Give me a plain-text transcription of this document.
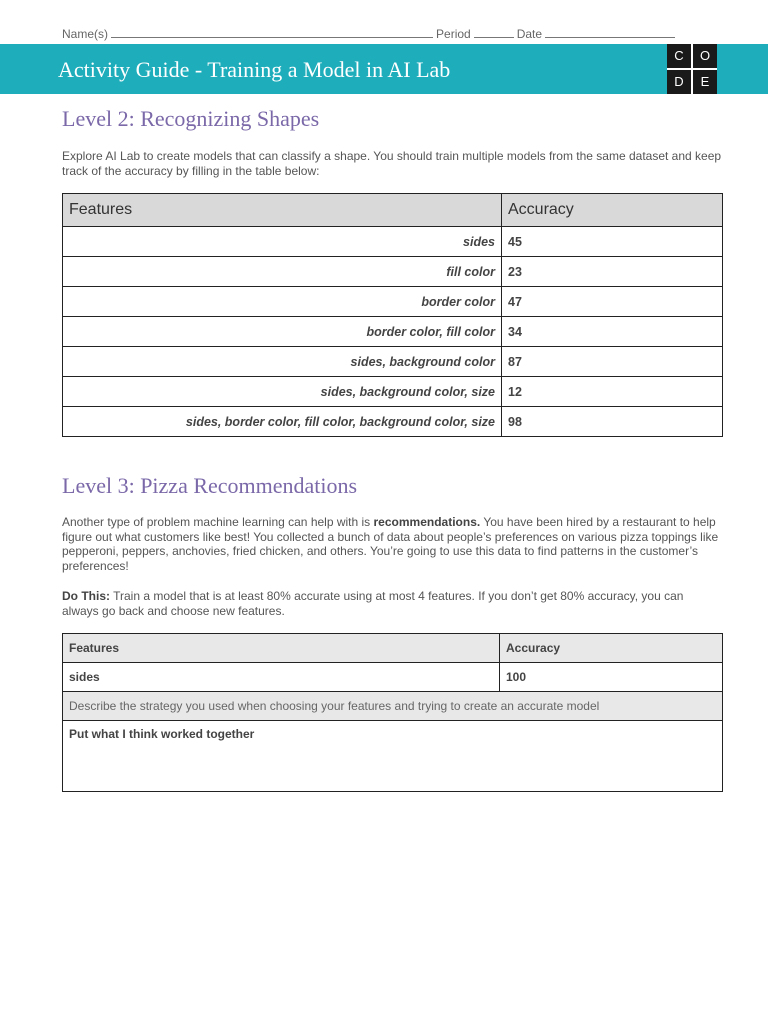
Name(s)	Period	Date
Activity Guide - Training a Model in AI Lab
C	O
D	E
Level 2: Recognizing Shapes
Explore AI Lab to create models that can classify a shape. You should train multiple models from the same dataset and keep track of the accuracy by filling in the table below:
Features	Accuracy
sides	45
fill color	23
border color	47
border color, fill color	34
sides, background color	87
sides, background color, size	12
sides, border color, fill color, background color, size	98
Level 3: Pizza Recommendations
Another type of problem machine learning can help with is recommendations. You have been hired by a restaurant to help figure out what customers like best! You collected a bunch of data about people’s preferences on various pizza toppings like pepperoni, peppers, anchovies, fried chicken, and others. You’re going to use this data to find patterns in the customer’s preferences!
Do This: Train a model that is at least 80% accurate using at most 4 features. If you don’t get 80% accuracy, you can always go back and choose new features.
Features	Accuracy
sides	100
Describe the strategy you used when choosing your features and trying to create an accurate model	
Put what I think worked together	
